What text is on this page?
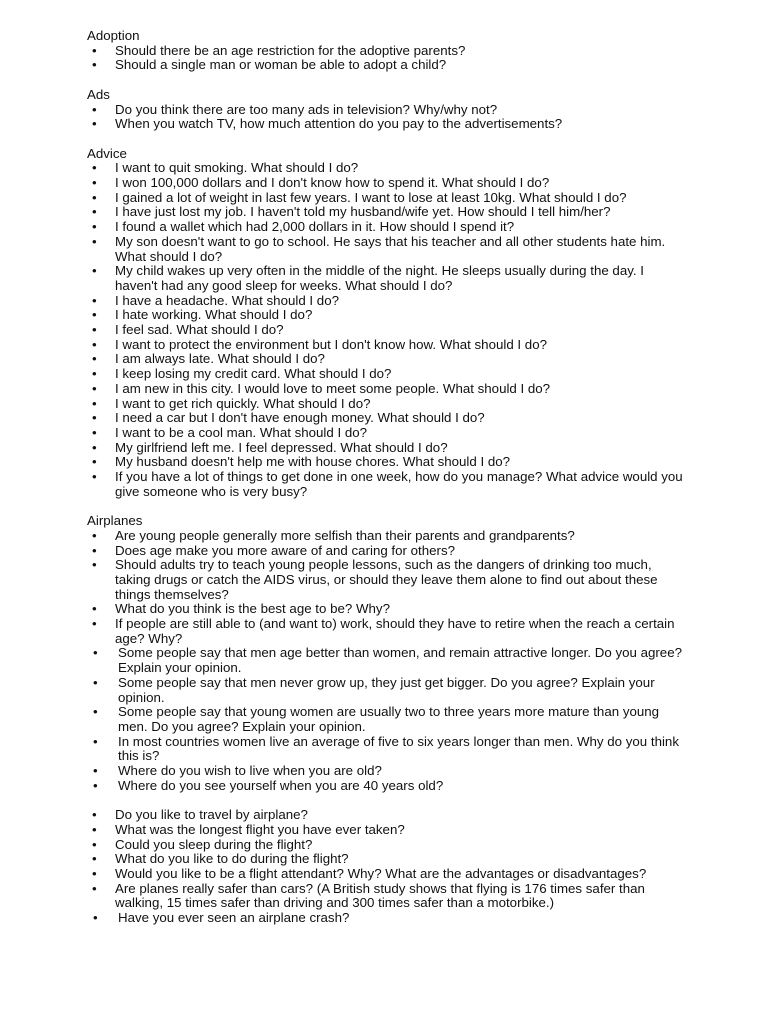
Adoption
• Should there be an age restriction for the adoptive parents?
• Should a single man or woman be able to adopt a child?
Ads
• Do you think there are too many ads in television? Why/why not?
• When you watch TV, how much attention do you pay to the advertisements?
Advice
• I want to quit smoking. What should I do?
• I won 100,000 dollars and I don't know how to spend it. What should I do?
• I gained a lot of weight in last few years. I want to lose at least 10kg. What should I do?
• I have just lost my job. I haven't told my husband/wife yet. How should I tell him/her?
• I found a wallet which had 2,000 dollars in it. How should I spend it?
• My son doesn't want to go to school. He says that his teacher and all other students hate him. What should I do?
• My child wakes up very often in the middle of the night. He sleeps usually during the day. I haven't had any good sleep for weeks. What should I do?
• I have a headache. What should I do?
• I hate working. What should I do?
• I feel sad. What should I do?
• I want to protect the environment but I don't know how. What should I do?
• I am always late. What should I do?
• I keep losing my credit card. What should I do?
• I am new in this city. I would love to meet some people. What should I do?
• I want to get rich quickly. What should I do?
• I need a car but I don't have enough money. What should I do?
• I want to be a cool man. What should I do?
• My girlfriend left me. I feel depressed. What should I do?
• My husband doesn't help me with house chores. What should I do?
• If you have a lot of things to get done in one week, how do you manage? What advice would you give someone who is very busy?
Airplanes
• Are young people generally more selfish than their parents and grandparents?
• Does age make you more aware of and caring for others?
• Should adults try to teach young people lessons, such as the dangers of drinking too much, taking drugs or catch the AIDS virus, or should they leave them alone to find out about these things themselves?
• What do you think is the best age to be? Why?
• If people are still able to (and want to) work, should they have to retire when the reach a certain age? Why?
• Some people say that men age better than women, and remain attractive longer. Do you agree? Explain your opinion.
• Some people say that men never grow up, they just get bigger. Do you agree? Explain your opinion.
• Some people say that young women are usually two to three years more mature than young men. Do you agree? Explain your opinion.
• In most countries women live an average of five to six years longer than men. Why do you think this is?
• Where do you wish to live when you are old?
• Where do you see yourself when you are 40 years old?
• Do you like to travel by airplane?
• What was the longest flight you have ever taken?
• Could you sleep during the flight?
• What do you like to do during the flight?
• Would you like to be a flight attendant? Why? What are the advantages or disadvantages?
• Are planes really safer than cars? (A British study shows that flying is 176 times safer than walking, 15 times safer than driving and 300 times safer than a motorbike.)
• Have you ever seen an airplane crash?
